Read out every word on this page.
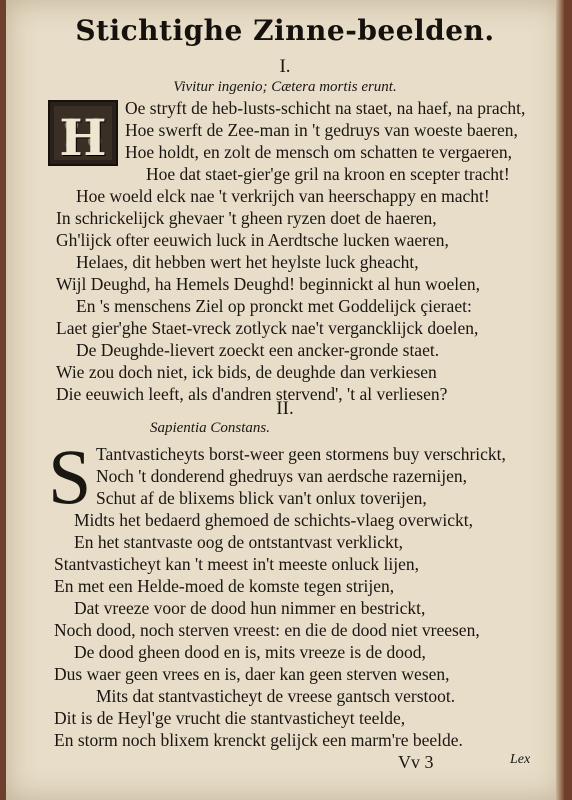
Stichtighe Zinne-beelden.
I.
Vivitur ingenio; Cætera mortis erunt.
H	Oe stryft de heb-lusts-schicht na staet, na haef, na pracht,
Hoe swerft de Zee-man in 't gedruys van woeste baeren,
Hoe holdt, en zolt de mensch om schatten te vergaeren,
Hoe dat staet-gier'ge gril na kroon en scepter tracht!
Hoe woeld elck nae 't verkrijch van heerschappy en macht!
In schrickelijck ghevaer 't gheen ryzen doet de haeren,
Gh'lijck ofter eeuwich luck in Aerdtsche lucken waeren,
Helaes, dit hebben wert het heylste luck gheacht,
Wijl Deughd, ha Hemels Deughd! beginnickt al hun woelen,
En 's menschens Ziel op pronckt met Goddelijck çieraet:
Laet gier'ghe Staet-vreck zotlyck nae't vergancklijck doelen,
De Deughde-lievert zoeckt een ancker-gronde staet.
Wie zou doch niet, ick bids, de deughde dan verkiesen
Die eeuwich leeft, als d'andren stervend', 't al verliesen?
II.
Sapientia Constans.
S Tantvasticheyts borst-weer geen stormens buy verschrickt,
Noch 't donderend ghedruys van aerdsche razernijen,
Schut af de blixems blick van't onlux toverijen,
Midts het bedaerd ghemoed de schichts-vlaeg overwickt,
En het stantvaste oog de ontstantvast verklickt,
Stantvasticheyt kan 't meest in't meeste onluck lijen,
En met een Helde-moed de komste tegen strijen,
Dat vreeze voor de dood hun nimmer en bestrickt,
Noch dood, noch sterven vreest: en die de dood niet vreesen,
De dood gheen dood en is, mits vreeze is de dood,
Dus waer geen vrees en is, daer kan geen sterven wesen,
Mits dat stantvasticheyt de vreese gantsch verstoot.
Dit is de Heyl'ge vrucht die stantvasticheyt teelde,
En storm noch blixem krenckt gelijck een marm're beelde.
Vv 3	Lex
